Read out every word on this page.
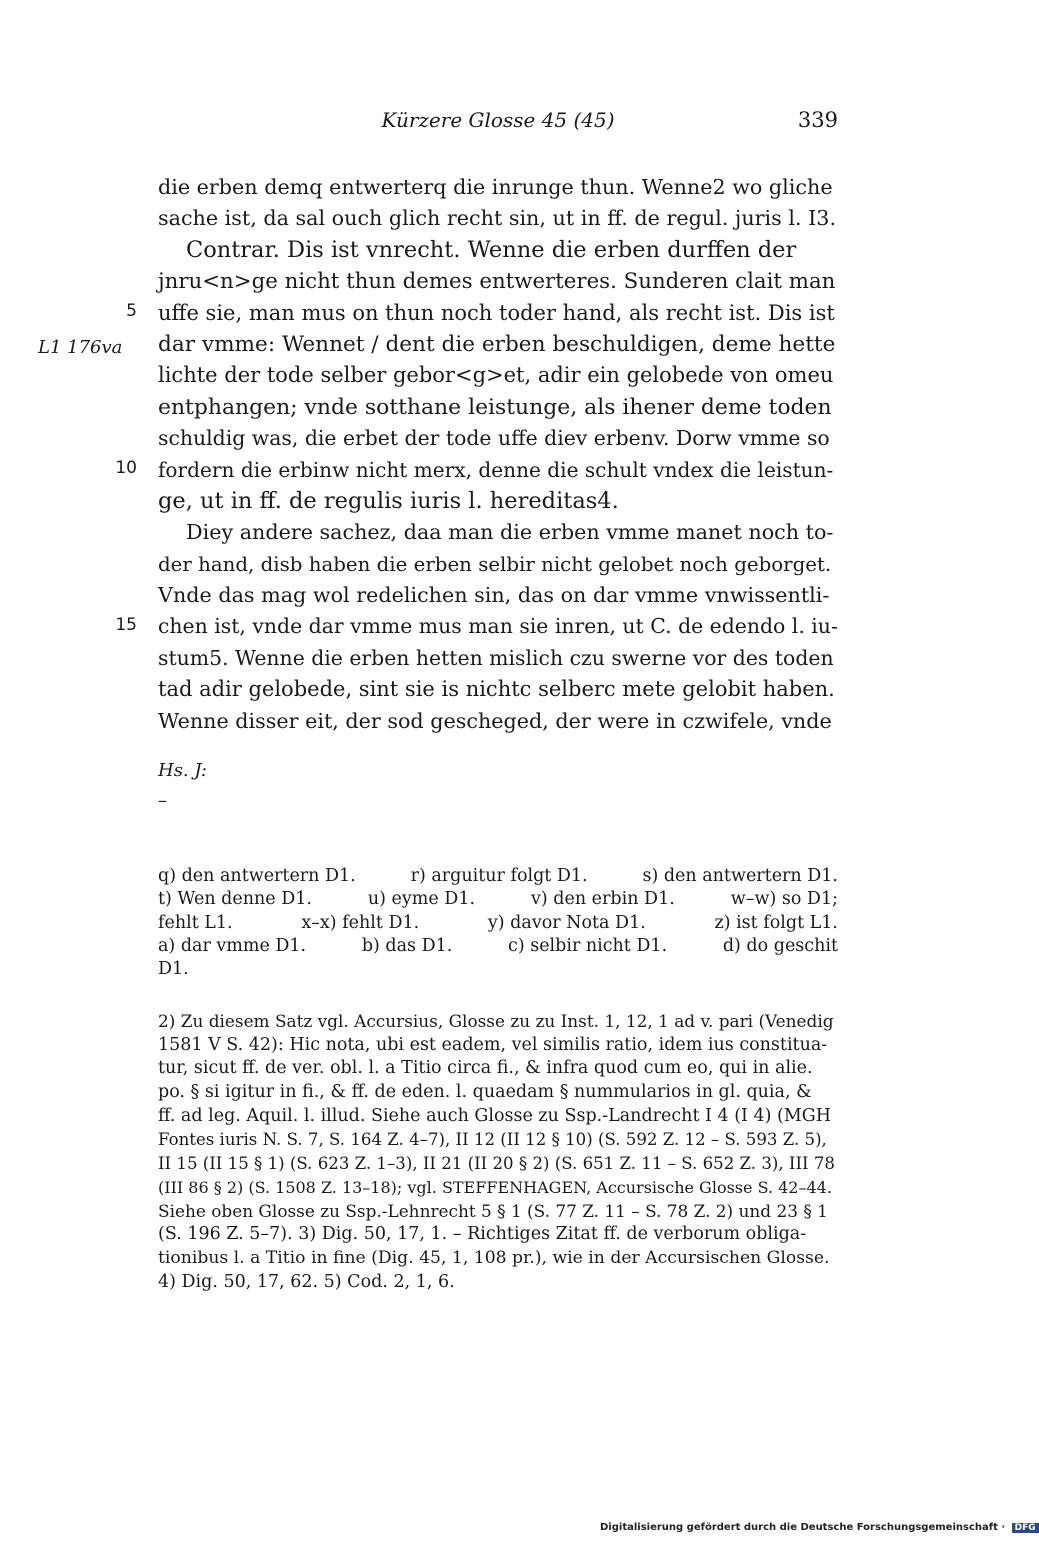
Kürzere Glosse 45 (45)	339
die erben demq entwerterq die inrunge thun. Wenne2 wo gliche
sache ist, da sal ouch glich recht sin, ut in ff. de regul. juris l. I3.
Contrar. Dis ist vnrecht. Wenne die erben durffen der
jnru<n>ge nicht thun demes entwerteres. Sunderen clait man
uffe sie, man mus on thun noch toder hand, als recht ist. Dis ist
dar vmme: Wennet / dent die erben beschuldigen, deme hette
lichte der tode selber gebor<g>et, adir ein gelobede von omeu
entphangen; vnde sotthane leistunge, als ihener deme toden
schuldig was, die erbet der tode uffe diev erbenv. Dorw vmme so
fordern die erbinw nicht merx, denne die schult vndex die leistun-
ge, ut in ff. de regulis iuris l. hereditas4.
Diey andere sachez, daa man die erben vmme manet noch to-
der hand, disb haben die erben selbir nicht gelobet noch geborget.
Vnde das mag wol redelichen sin, das on dar vmme vnwissentli-
chen ist, vnde dar vmme mus man sie inren, ut C. de edendo l. iu-
stum5. Wenne die erben hetten mislich czu swerne vor des toden
tad adir gelobede, sint sie is nichtc selberc mete gelobit haben.
Wenne disser eit, der sod gescheged, der were in czwifele, vnde
5
10
15
L1 176va
Hs. J:
–
q) den antwertern D1.	r) arguitur folgt D1.	s) den antwertern D1.
t) Wen denne D1.	u) eyme D1.	v) den erbin D1.	w–w) so D1;
fehlt L1.	x–x) fehlt D1.	y) davor Nota D1.	z) ist folgt L1.
a) dar vmme D1.	b) das D1.	c) selbir nicht D1.	d) do geschit
D1.
2) Zu diesem Satz vgl. Accursius, Glosse zu zu Inst. 1, 12, 1 ad v. pari (Venedig
1581 V S. 42): Hic nota, ubi est eadem, vel similis ratio, idem ius constitua-
tur, sicut ff. de ver. obl. l. a Titio circa fi., & infra quod cum eo, qui in alie.
po. § si igitur in fi., & ff. de eden. l. quaedam § nummularios in gl. quia, &
ff. ad leg. Aquil. l. illud. Siehe auch Glosse zu Ssp.-Landrecht I 4 (I 4) (MGH
Fontes iuris N. S. 7, S. 164 Z. 4–7), II 12 (II 12 § 10) (S. 592 Z. 12 – S. 593 Z. 5),
II 15 (II 15 § 1) (S. 623 Z. 1–3), II 21 (II 20 § 2) (S. 651 Z. 11 – S. 652 Z. 3), III 78
(III 86 § 2) (S. 1508 Z. 13–18); vgl. STEFFENHAGEN, Accursische Glosse S. 42–44.
Siehe oben Glosse zu Ssp.-Lehnrecht 5 § 1 (S. 77 Z. 11 – S. 78 Z. 2) und 23 § 1
(S. 196 Z. 5–7). 3) Dig. 50, 17, 1. – Richtiges Zitat ff. de verborum obliga-
tionibus l. a Titio in fine (Dig. 45, 1, 108 pr.), wie in der Accursischen Glosse.
4) Dig. 50, 17, 62. 5) Cod. 2, 1, 6.
Digitalisierung gefördert durch die Deutsche Forschungsgemeinschaft · DFG
